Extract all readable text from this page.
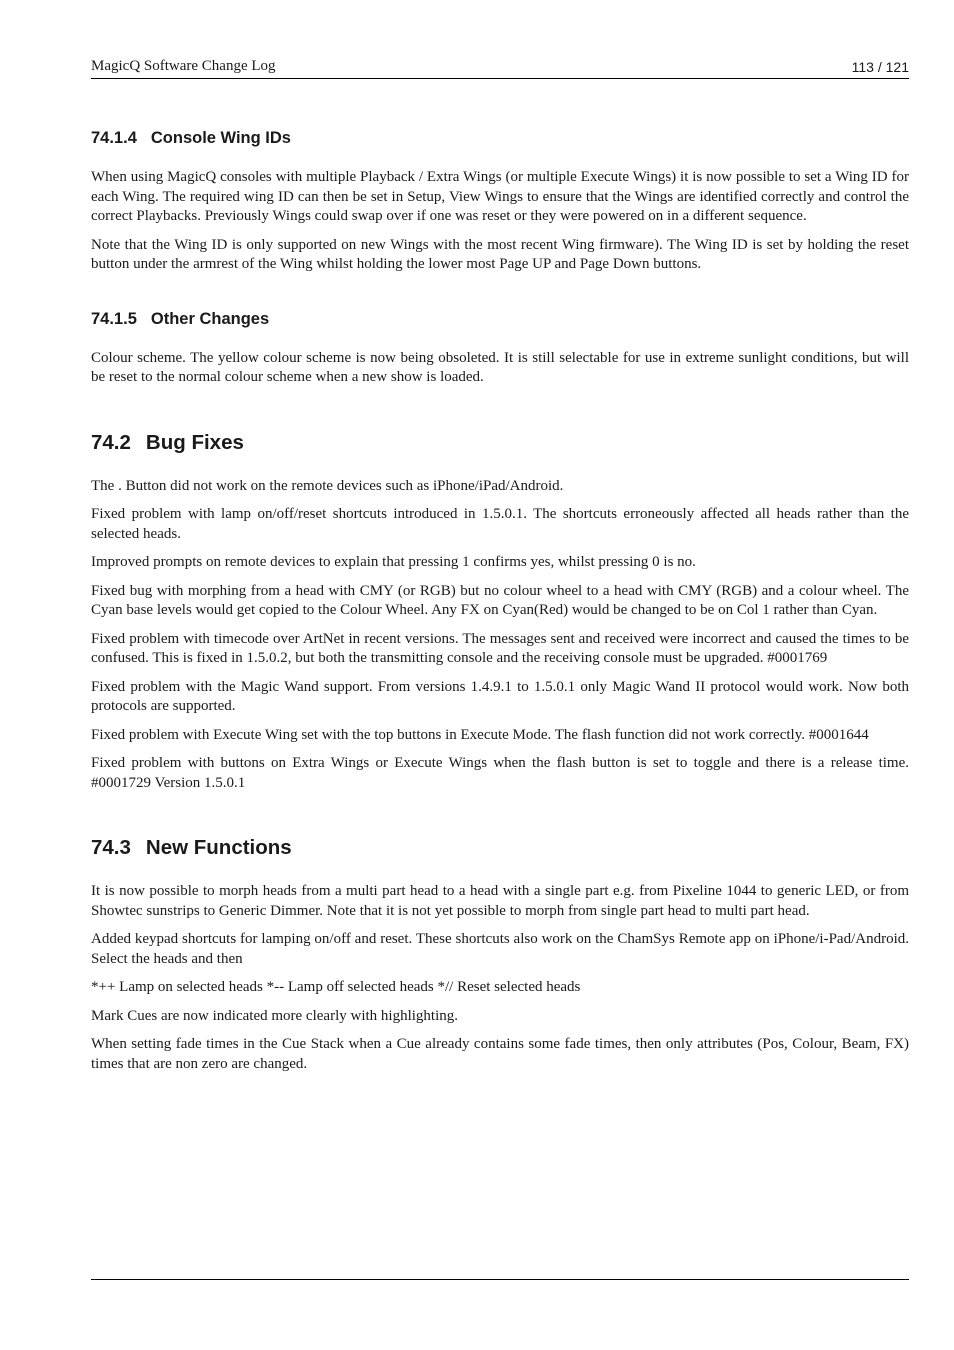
MagicQ Software Change Log	113 / 121
74.1.4 Console Wing IDs

When using MagicQ consoles with multiple Playback / Extra Wings (or multiple Execute Wings) it is now possible to set a Wing ID for each Wing. The required wing ID can then be set in Setup, View Wings to ensure that the Wings are identified correctly and control the correct Playbacks. Previously Wings could swap over if one was reset or they were powered on in a different sequence.

Note that the Wing ID is only supported on new Wings with the most recent Wing firmware). The Wing ID is set by holding the reset button under the armrest of the Wing whilst holding the lower most Page UP and Page Down buttons.

74.1.5 Other Changes

Colour scheme. The yellow colour scheme is now being obsoleted. It is still selectable for use in extreme sunlight conditions, but will be reset to the normal colour scheme when a new show is loaded.

74.2 Bug Fixes

The . Button did not work on the remote devices such as iPhone/iPad/Android.

Fixed problem with lamp on/off/reset shortcuts introduced in 1.5.0.1. The shortcuts erroneously affected all heads rather than the selected heads.

Improved prompts on remote devices to explain that pressing 1 confirms yes, whilst pressing 0 is no.

Fixed bug with morphing from a head with CMY (or RGB) but no colour wheel to a head with CMY (RGB) and a colour wheel. The Cyan base levels would get copied to the Colour Wheel. Any FX on Cyan(Red) would be changed to be on Col 1 rather than Cyan.

Fixed problem with timecode over ArtNet in recent versions. The messages sent and received were incorrect and caused the times to be confused. This is fixed in 1.5.0.2, but both the transmitting console and the receiving console must be upgraded. #0001769

Fixed problem with the Magic Wand support. From versions 1.4.9.1 to 1.5.0.1 only Magic Wand II protocol would work. Now both protocols are supported.

Fixed problem with Execute Wing set with the top buttons in Execute Mode. The flash function did not work correctly. #0001644

Fixed problem with buttons on Extra Wings or Execute Wings when the flash button is set to toggle and there is a release time. #0001729 Version 1.5.0.1

74.3 New Functions

It is now possible to morph heads from a multi part head to a head with a single part e.g. from Pixeline 1044 to generic LED, or from Showtec sunstrips to Generic Dimmer. Note that it is not yet possible to morph from single part head to multi part head.

Added keypad shortcuts for lamping on/off and reset. These shortcuts also work on the ChamSys Remote app on iPhone/i-Pad/Android. Select the heads and then

*++ Lamp on selected heads *-- Lamp off selected heads *// Reset selected heads

Mark Cues are now indicated more clearly with highlighting.

When setting fade times in the Cue Stack when a Cue already contains some fade times, then only attributes (Pos, Colour, Beam, FX) times that are non zero are changed.
